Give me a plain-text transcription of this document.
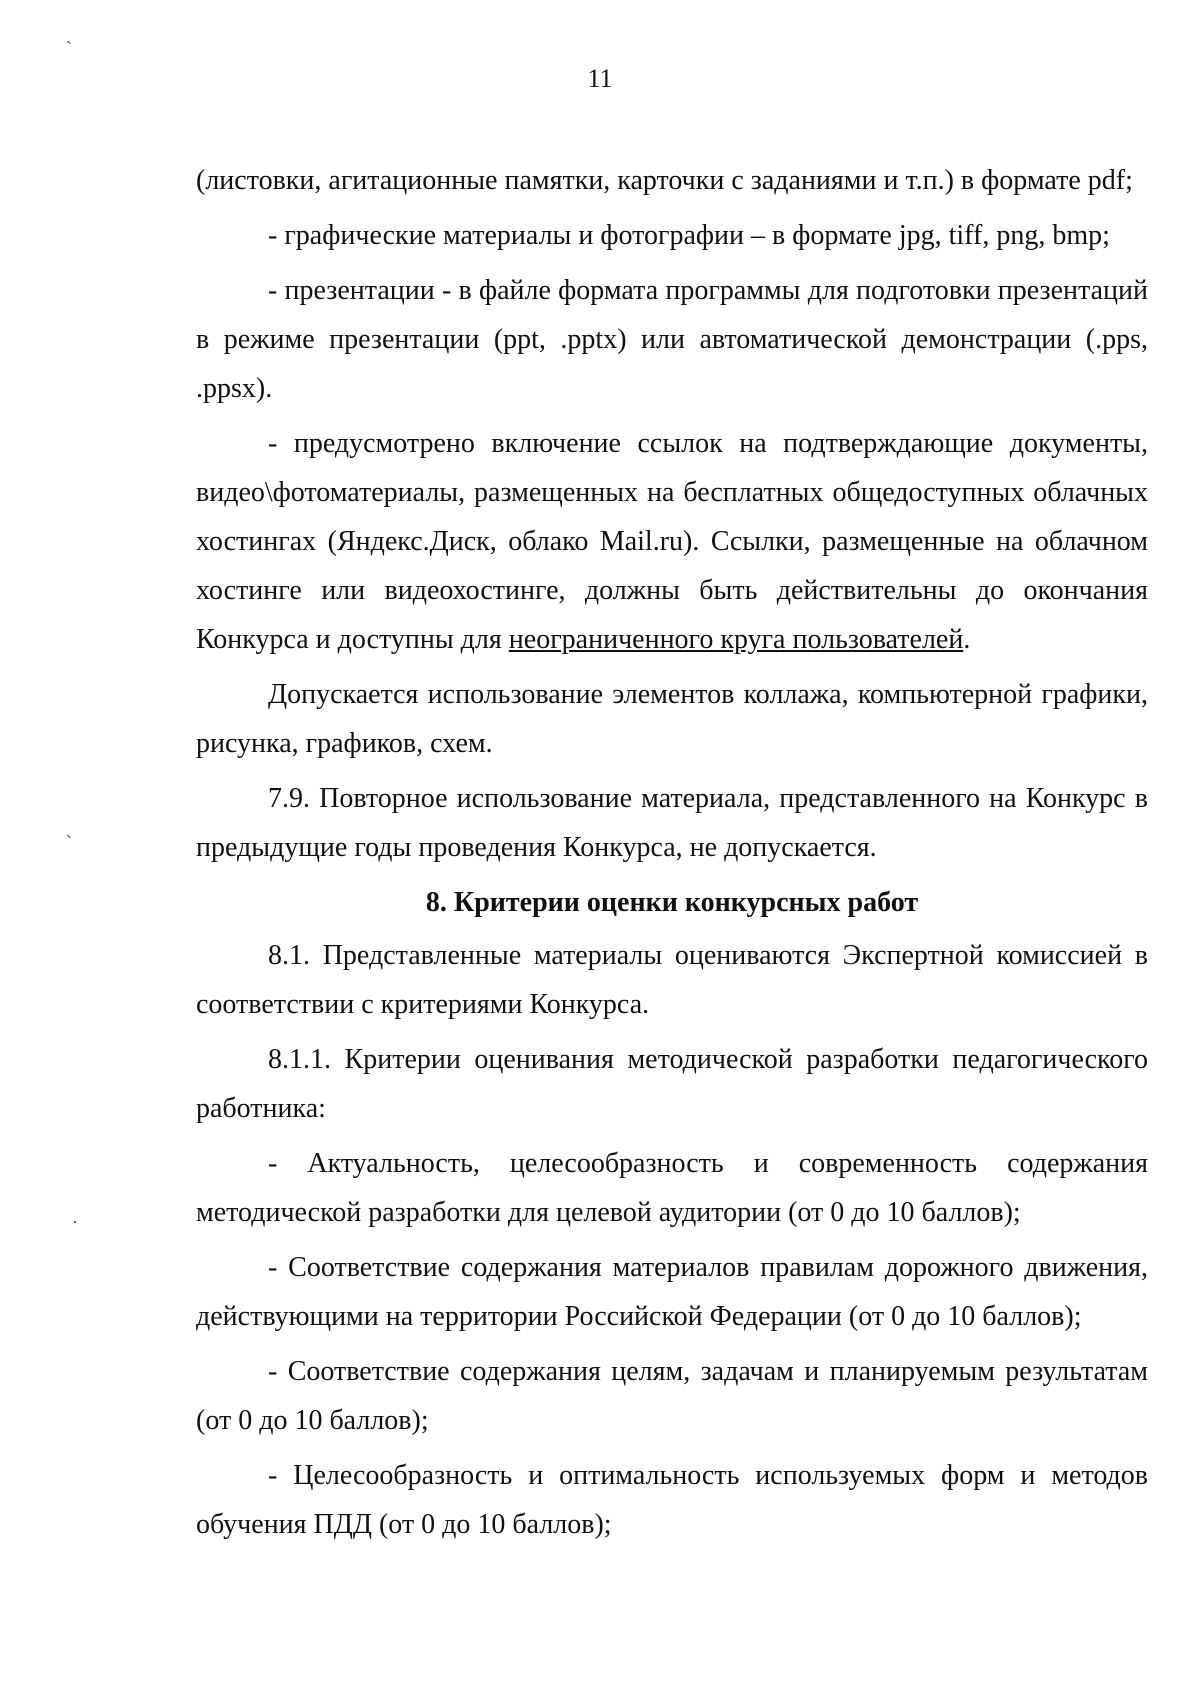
ˏ
ˏ
·
11

(листовки, агитационные памятки, карточки с заданиями и т.п.) в формате pdf;

- графические материалы и фотографии – в формате jpg, tiff, png, bmp;

- презентации - в файле формата программы для подготовки презентаций в режиме презентации (ppt, .pptx) или автоматической демонстрации (.pps, .ppsx).

- предусмотрено включение ссылок на подтверждающие документы, видео\фотоматериалы, размещенных на бесплатных общедоступных облачных хостингах (Яндекс.Диск, облако Mail.ru). Ссылки, размещенные на облачном хостинге или видеохостинге, должны быть действительны до окончания Конкурса и доступны для неограниченного круга пользователей.

Допускается использование элементов коллажа, компьютерной графики, рисунка, графиков, схем.

7.9. Повторное использование материала, представленного на Конкурс в предыдущие годы проведения Конкурса, не допускается.

8. Критерии оценки конкурсных работ

8.1. Представленные материалы оцениваются Экспертной комиссией в соответствии с критериями Конкурса.

8.1.1. Критерии оценивания методической разработки педагогического работника:

- Актуальность, целесообразность и современность содержания методической разработки для целевой аудитории (от 0 до 10 баллов);

- Соответствие содержания материалов правилам дорожного движения, действующими на территории Российской Федерации (от 0 до 10 баллов);

- Соответствие содержания целям, задачам и планируемым результатам (от 0 до 10 баллов);

- Целесообразность и оптимальность используемых форм и методов обучения ПДД (от 0 до 10 баллов);
